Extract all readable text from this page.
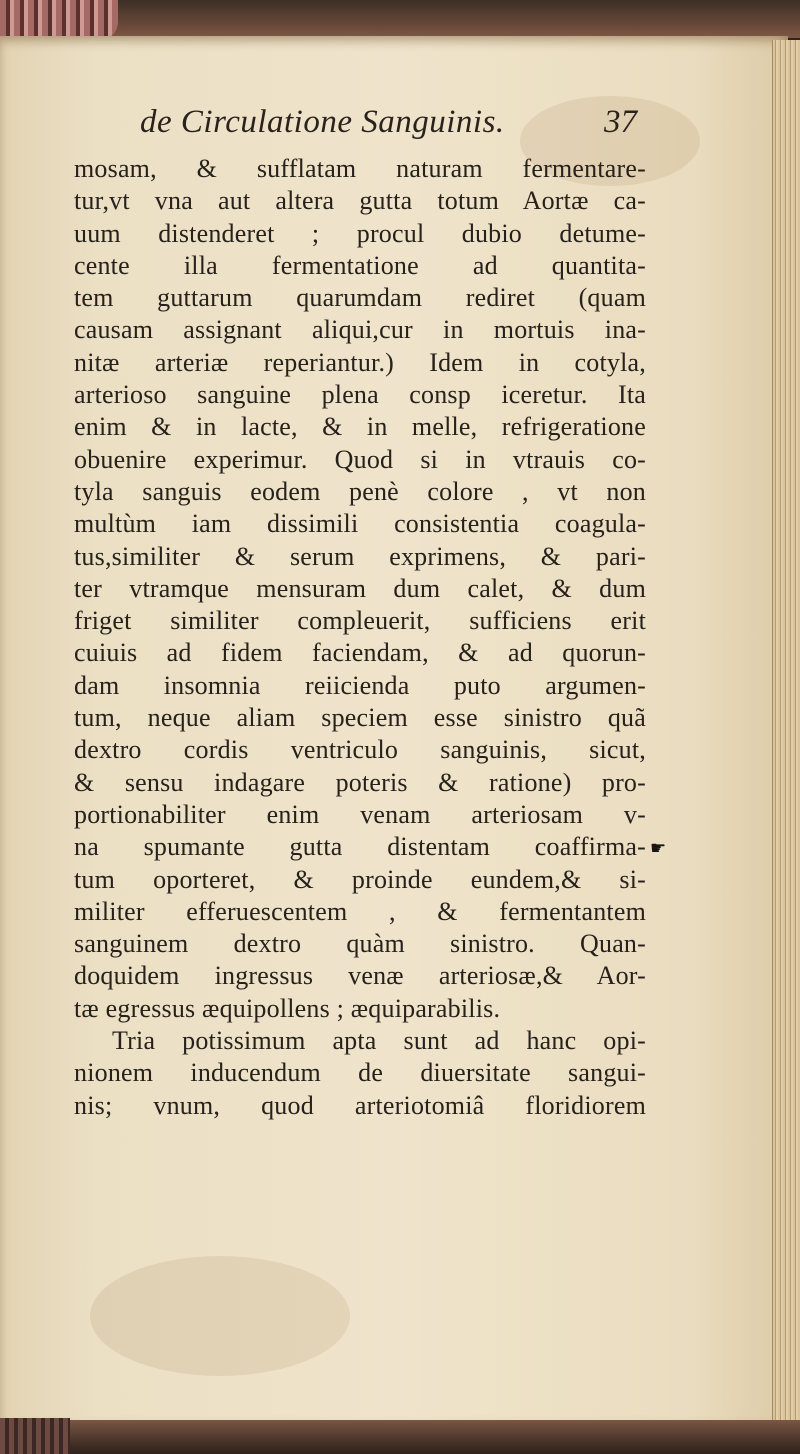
de Circulatione Sanguinis.	37
mosam, & sufflatam naturam fermentare-
tur,vt vna aut altera gutta totum Aortæ ca-
uum distenderet ; procul dubio detume-
cente illa fermentatione ad quantita-
tem guttarum quarumdam rediret (quam
causam assignant aliqui,cur in mortuis ina-
nitæ arteriæ reperiantur.) Idem in cotyla,
arterioso sanguine plena consp iceretur. Ita
enim & in lacte, & in melle, refrigeratione
obuenire experimur. Quod si in vtrauis co-
tyla sanguis eodem penè colore , vt non
multùm iam dissimili consistentia coagula-
tus,similiter & serum exprimens, & pari-
ter vtramque mensuram dum calet, & dum
friget similiter compleuerit, sufficiens erit
cuiuis ad fidem faciendam, & ad quorun-
dam insomnia reiicienda puto argumen-
tum, neque aliam speciem esse sinistro quã
dextro cordis ventriculo sanguinis, sicut,
& sensu indagare poteris & ratione) pro-
portionabiliter enim venam arteriosam v-
na spumante gutta distentam coaffirma-
tum oporteret, & proinde eundem,& si-
militer efferuescentem , & fermentantem
sanguinem dextro quàm sinistro. Quan-
doquidem ingressus venæ arteriosæ,& Aor-
tæ egressus æquipollens ; æquiparabilis.
Tria potissimum apta sunt ad hanc opi-
nionem inducendum de diuersitate sangui-
nis; vnum, quod arteriotomiâ floridiorem
☛
